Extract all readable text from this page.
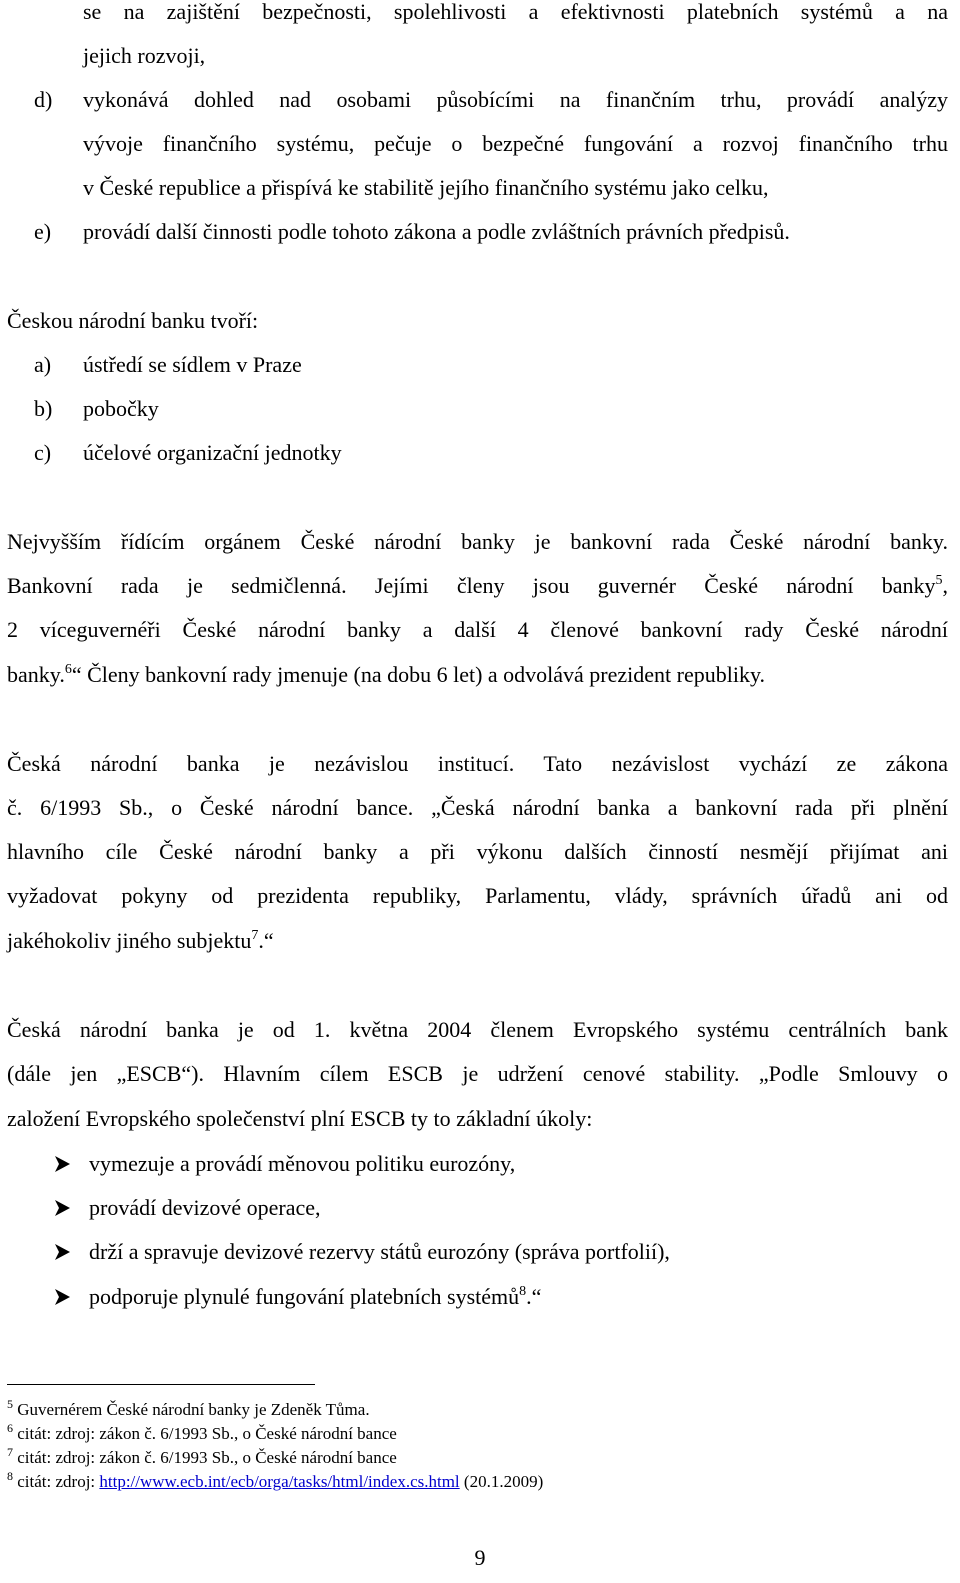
se na zajištění bezpečnosti, spolehlivosti a efektivnosti platebních systémů a na
jejich rozvoji,
d) vykonává dohled nad osobami působícími na finančním trhu, provádí analýzy
vývoje finančního systému, pečuje o bezpečné fungování a rozvoj finančního trhu
v České republice a přispívá ke stabilitě jejího finančního systému jako celku,
e) provádí další činnosti podle tohoto zákona a podle zvláštních právních předpisů.
Českou národní banku tvoří:
a) ústředí se sídlem v Praze
b) pobočky
c) účelové organizační jednotky
Nejvyšším řídícím orgánem České národní banky je bankovní rada České národní banky.
Bankovní rada je sedmičlenná. Jejími členy jsou guvernér České národní banky$^5$,
2 víceguvernéři České národní banky a další 4 členové bankovní rady České národní
banky.$^6$“ Členy bankovní rady jmenuje (na dobu 6 let) a odvolává prezident republiky.
Česká národní banka je nezávislou institucí. Tato nezávislost vychází ze zákona
č. 6/1993 Sb., o České národní bance. „Česká národní banka a bankovní rada při plnění
hlavního cíle České národní banky a při výkonu dalších činností nesmějí přijímat ani
vyžadovat pokyny od prezidenta republiky, Parlamentu, vlády, správních úřadů ani od
jakéhokoliv jiného subjektu$^7$.“
Česká národní banka je od 1. května 2004 členem Evropského systému centrálních bank
(dále jen „ESCB“). Hlavním cílem ESCB je udržení cenové stability. „Podle Smlouvy o
založení Evropského společenství plní ESCB ty to základní úkoly:
vymezuje a provádí měnovou politiku eurozóny,
provádí devizové operace,
drží a spravuje devizové rezervy států eurozóny (správa portfolií),
podporuje plynulé fungování platebních systémů$^8$.“
$^5$ Guvernérem České národní banky je Zdeněk Tůma.
$^6$ citát: zdroj: zákon č. 6/1993 Sb., o České národní bance
$^7$ citát: zdroj: zákon č. 6/1993 Sb., o České národní bance
$^8$ citát: zdroj: http://www.ecb.int/ecb/orga/tasks/html/index.cs.html (20.1.2009)
9
